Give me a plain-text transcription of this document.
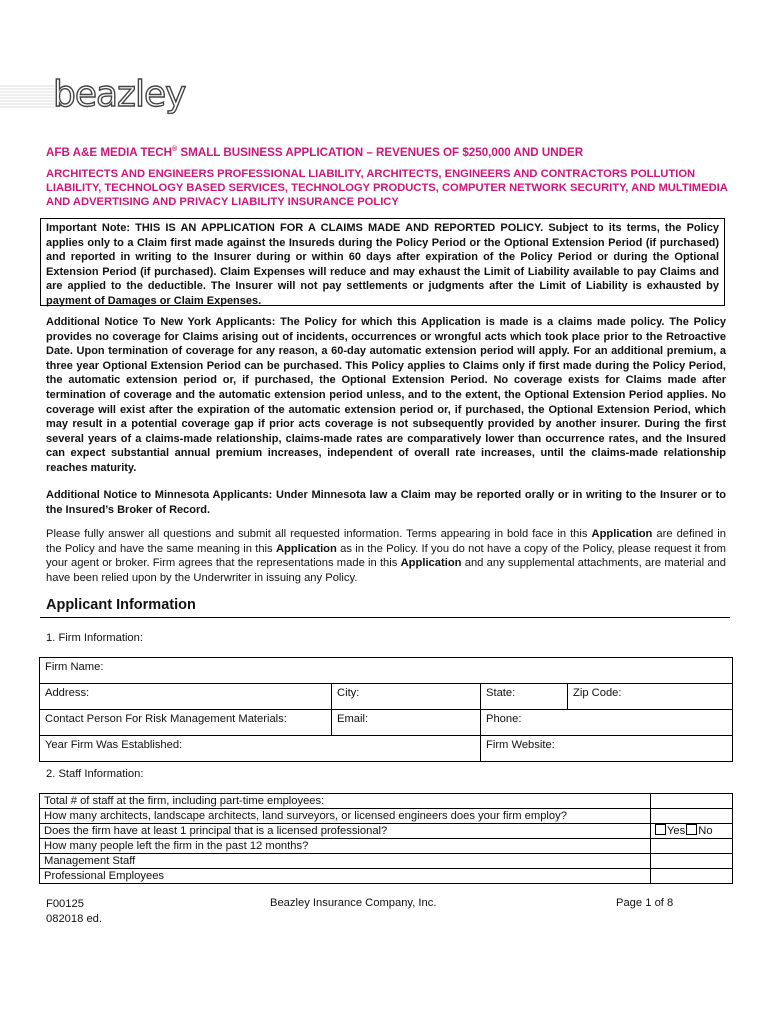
beazley
AFB A&E MEDIA TECH® SMALL BUSINESS APPLICATION – REVENUES OF $250,000 AND UNDER
ARCHITECTS AND ENGINEERS PROFESSIONAL LIABILITY, ARCHITECTS, ENGINEERS AND CONTRACTORS POLLUTION LIABILITY, TECHNOLOGY BASED SERVICES, TECHNOLOGY PRODUCTS, COMPUTER NETWORK SECURITY, AND MULTIMEDIA AND ADVERTISING AND PRIVACY LIABILITY INSURANCE POLICY
Important Note: THIS IS AN APPLICATION FOR A CLAIMS MADE AND REPORTED POLICY. Subject to its terms, the Policy applies only to a Claim first made against the Insureds during the Policy Period or the Optional Extension Period (if purchased) and reported in writing to the Insurer during or within 60 days after expiration of the Policy Period or during the Optional Extension Period (if purchased). Claim Expenses will reduce and may exhaust the Limit of Liability available to pay Claims and are applied to the deductible. The Insurer will not pay settlements or judgments after the Limit of Liability is exhausted by payment of Damages or Claim Expenses.

Additional Notice To New York Applicants: The Policy for which this Application is made is a claims made policy. The Policy provides no coverage for Claims arising out of incidents, occurrences or wrongful acts which took place prior to the Retroactive Date. Upon termination of coverage for any reason, a 60-day automatic extension period will apply. For an additional premium, a three year Optional Extension Period can be purchased. This Policy applies to Claims only if first made during the Policy Period, the automatic extension period or, if purchased, the Optional Extension Period. No coverage exists for Claims made after termination of coverage and the automatic extension period unless, and to the extent, the Optional Extension Period applies. No coverage will exist after the expiration of the automatic extension period or, if purchased, the Optional Extension Period, which may result in a potential coverage gap if prior acts coverage is not subsequently provided by another insurer. During the first several years of a claims-made relationship, claims-made rates are comparatively lower than occurrence rates, and the Insured can expect substantial annual premium increases, independent of overall rate increases, until the claims-made relationship reaches maturity.

Additional Notice to Minnesota Applicants: Under Minnesota law a Claim may be reported orally or in writing to the Insurer or to the Insured’s Broker of Record.

Please fully answer all questions and submit all requested information. Terms appearing in bold face in this Application are defined in the Policy and have the same meaning in this Application as in the Policy. If you do not have a copy of the Policy, please request it from your agent or broker. Firm agrees that the representations made in this Application and any supplemental attachments, are material and have been relied upon by the Underwriter in issuing any Policy.

Applicant Information
1. Firm Information:
Firm Name:			
Address:	City:	State:	Zip Code:
Contact Person For Risk Management Materials:	Email:	Phone:	
Year Firm Was Established:		Firm Website:	
2. Staff Information:
Total # of staff at the firm, including part-time employees:	
How many architects, landscape architects, land surveyors, or licensed engineers does your firm employ?	
Does the firm have at least 1 principal that is a licensed professional?	Yes No
How many people left the firm in the past 12 months?	
Management Staff	
Professional Employees	
F00125
082018 ed.
Beazley Insurance Company, Inc.	Page 1 of 8
